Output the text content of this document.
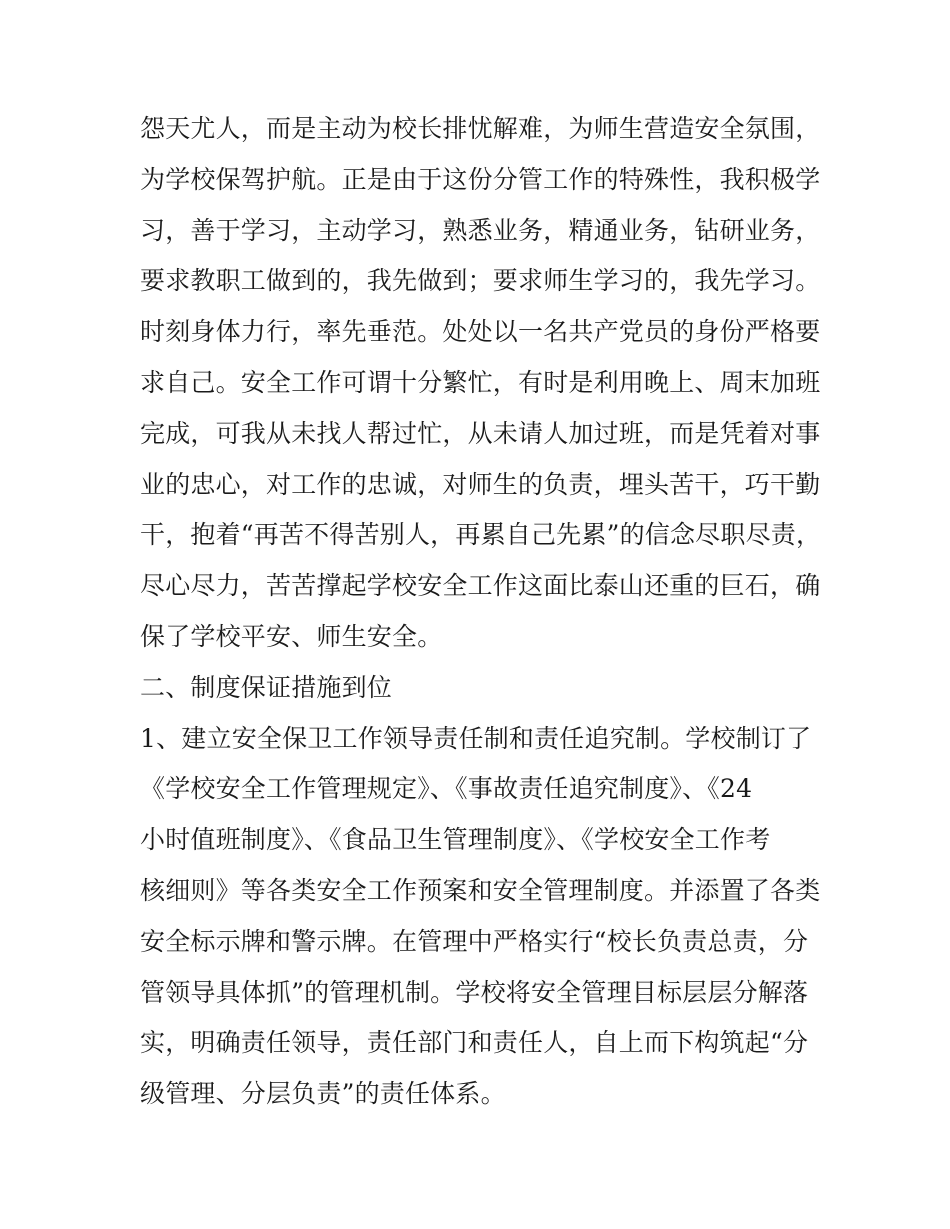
怨天尤人，而是主动为校长排忧解难，为师生营造安全氛围，
为学校保驾护航。正是由于这份分管工作的特殊性，我积极学
习，善于学习，主动学习，熟悉业务，精通业务，钻研业务，
要求教职工做到的，我先做到；要求师生学习的，我先学习。
时刻身体力行，率先垂范。处处以一名共产党员的身份严格要
求自己。安全工作可谓十分繁忙，有时是利用晚上、周末加班
完成，可我从未找人帮过忙，从未请人加过班，而是凭着对事
业的忠心，对工作的忠诚，对师生的负责，埋头苦干，巧干勤
干，抱着“再苦不得苦别人，再累自己先累”的信念尽职尽责，
尽心尽力，苦苦撑起学校安全工作这面比泰山还重的巨石，确
保了学校平安、师生安全。
二、制度保证措施到位
1、建立安全保卫工作领导责任制和责任追究制。学校制订了
《学校安全工作管理规定》、《事故责任追究制度》、《24
小时值班制度》、《食品卫生管理制度》、《学校安全工作考
核细则》等各类安全工作预案和安全管理制度。并添置了各类
安全标示牌和警示牌。在管理中严格实行“校长负责总责，分
管领导具体抓”的管理机制。学校将安全管理目标层层分解落
实，明确责任领导，责任部门和责任人，自上而下构筑起“分
级管理、分层负责”的责任体系。
